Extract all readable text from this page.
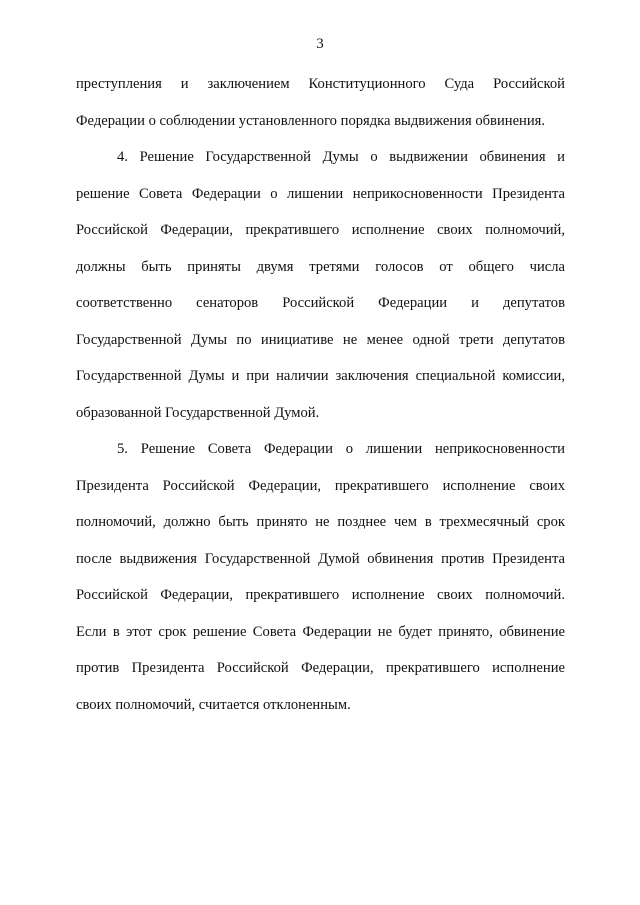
3
преступления и заключением Конституционного Суда Российской
Федерации о соблюдении установленного порядка выдвижения обвинения.
4. Решение Государственной Думы о выдвижении обвинения и
решение Совета Федерации о лишении неприкосновенности Президента
Российской Федерации, прекратившего исполнение своих полномочий,
должны быть приняты двумя третями голосов от общего числа
соответственно сенаторов Российской Федерации и депутатов
Государственной Думы по инициативе не менее одной трети депутатов
Государственной Думы и при наличии заключения специальной комиссии,
образованной Государственной Думой.
5. Решение Совета Федерации о лишении неприкосновенности
Президента Российской Федерации, прекратившего исполнение своих
полномочий, должно быть принято не позднее чем в трехмесячный срок
после выдвижения Государственной Думой обвинения против Президента
Российской Федерации, прекратившего исполнение своих полномочий.
Если в этот срок решение Совета Федерации не будет принято, обвинение
против Президента Российской Федерации, прекратившего исполнение
своих полномочий, считается отклоненным.
